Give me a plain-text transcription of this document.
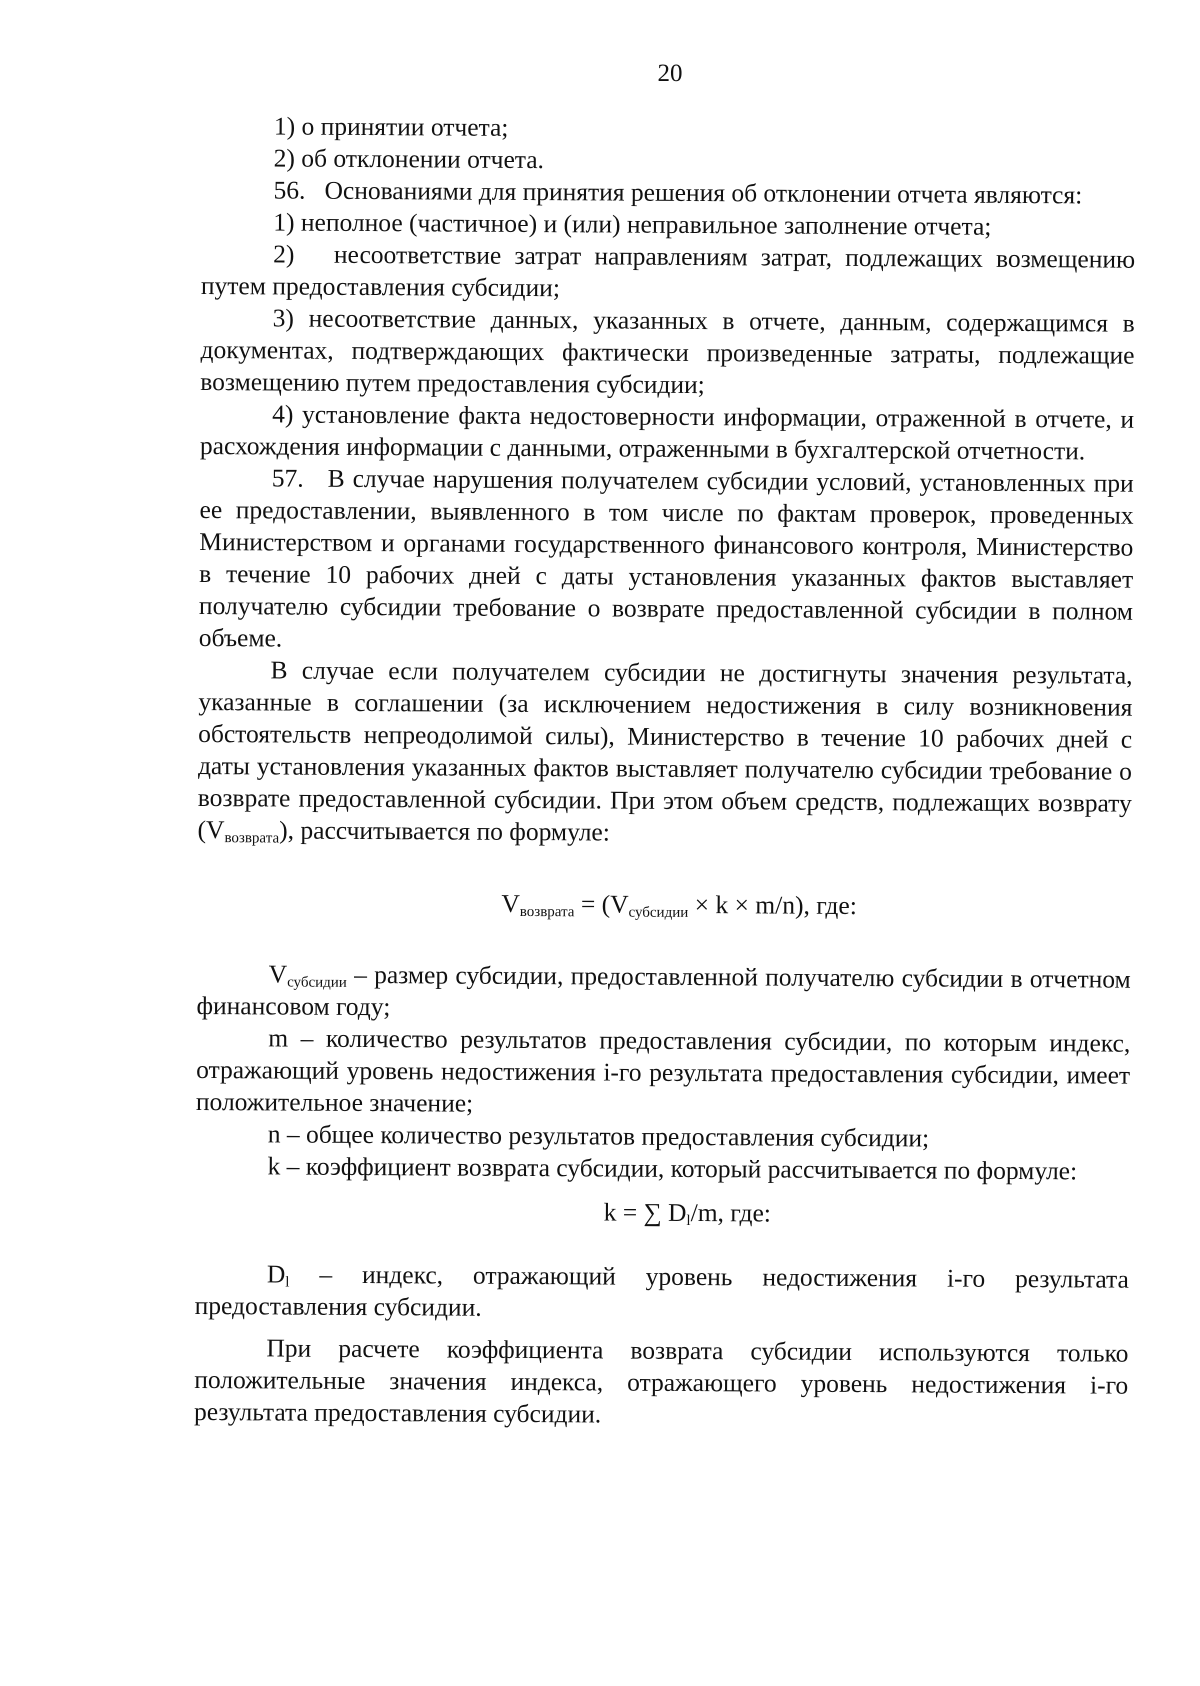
20

1) о принятии отчета;

2) об отклонении отчета.

56.   Основаниями для принятия решения об отклонении отчета являются:

1) неполное (частичное) и (или) неправильное заполнение отчета;

2)   несоответствие затрат направлениям затрат, подлежащих возмещению путем предоставления субсидии;

3) несоответствие данных, указанных в отчете, данным, содержащимся в документах, подтверждающих фактически произведенные затраты, подлежащие возмещению путем предоставления субсидии;

4) установление факта недостоверности информации, отраженной в отчете, и расхождения информации с данными, отраженными в бухгалтерской отчетности.

57.   В случае нарушения получателем субсидии условий, установленных при ее предоставлении, выявленного в том числе по фактам проверок, проведенных Министерством и органами государственного финансового контроля, Министерство в течение 10 рабочих дней с даты установления указанных фактов выставляет получателю субсидии требование о возврате предоставленной субсидии в полном объеме.

В случае если получателем субсидии не достигнуты значения результата, указанные в соглашении (за исключением недостижения в силу возникновения обстоятельств непреодолимой силы), Министерство в течение 10 рабочих дней с даты установления указанных фактов выставляет получателю субсидии требование о возврате предоставленной субсидии. При этом объем средств, подлежащих возврату $(V_{возврата})$, рассчитывается по формуле:

$V_{возврата} = (V_{субсидии} \times k \times m/n)$, где:

$V_{субсидии}$ – размер субсидии, предоставленной получателю субсидии в отчетном финансовом году;

m – количество результатов предоставления субсидии, по которым индекс, отражающий уровень недостижения i-го результата предоставления субсидии, имеет положительное значение;

n – общее количество результатов предоставления субсидии;

k – коэффициент возврата субсидии, который рассчитывается по формуле:

k = ∑ $D_l/m$, где:

$D_l$ – индекс, отражающий уровень недостижения i-го результата предоставления субсидии.

При расчете коэффициента возврата субсидии используются только положительные значения индекса, отражающего уровень недостижения i-го результата предоставления субсидии.
